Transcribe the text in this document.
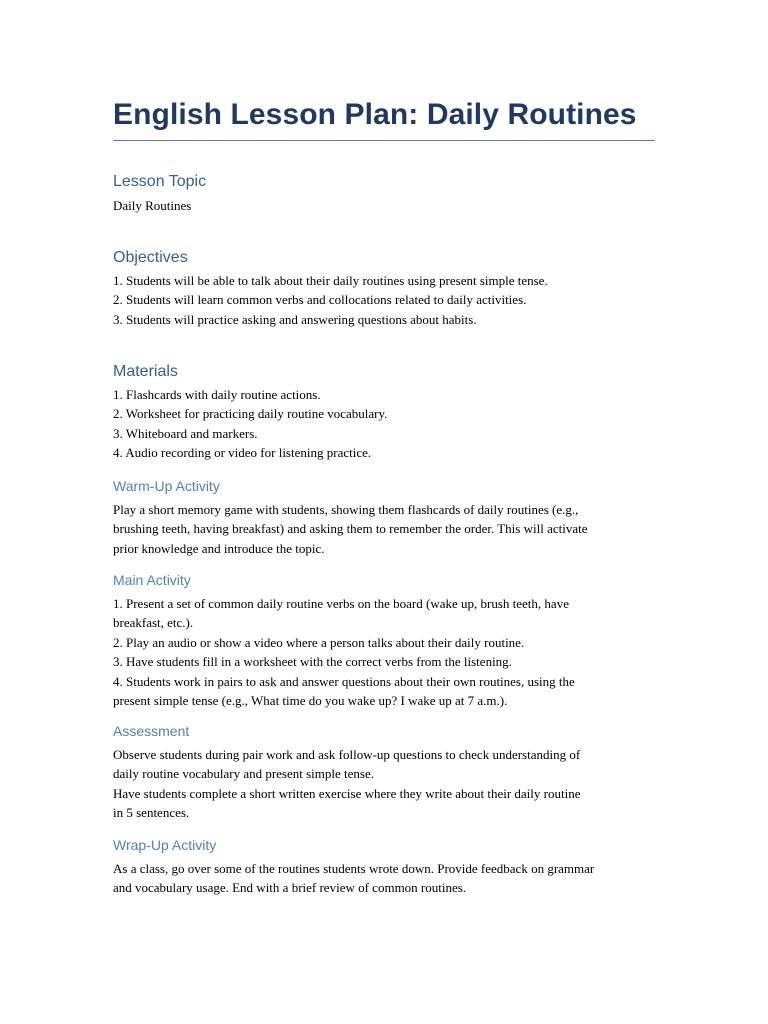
English Lesson Plan: Daily Routines
Lesson Topic

Daily Routines

Objectives

1. Students will be able to talk about their daily routines using present simple tense.

2. Students will learn common verbs and collocations related to daily activities.

3. Students will practice asking and answering questions about habits.

Materials

1. Flashcards with daily routine actions.

2. Worksheet for practicing daily routine vocabulary.

3. Whiteboard and markers.

4. Audio recording or video for listening practice.

Warm-Up Activity

Play a short memory game with students, showing them flashcards of daily routines (e.g.,

brushing teeth, having breakfast) and asking them to remember the order. This will activate

prior knowledge and introduce the topic.

Main Activity

1. Present a set of common daily routine verbs on the board (wake up, brush teeth, have

breakfast, etc.).

2. Play an audio or show a video where a person talks about their daily routine.

3. Have students fill in a worksheet with the correct verbs from the listening.

4. Students work in pairs to ask and answer questions about their own routines, using the

present simple tense (e.g., What time do you wake up? I wake up at 7 a.m.).

Assessment

Observe students during pair work and ask follow-up questions to check understanding of

daily routine vocabulary and present simple tense.

Have students complete a short written exercise where they write about their daily routine

in 5 sentences.

Wrap-Up Activity

As a class, go over some of the routines students wrote down. Provide feedback on grammar

and vocabulary usage. End with a brief review of common routines.
